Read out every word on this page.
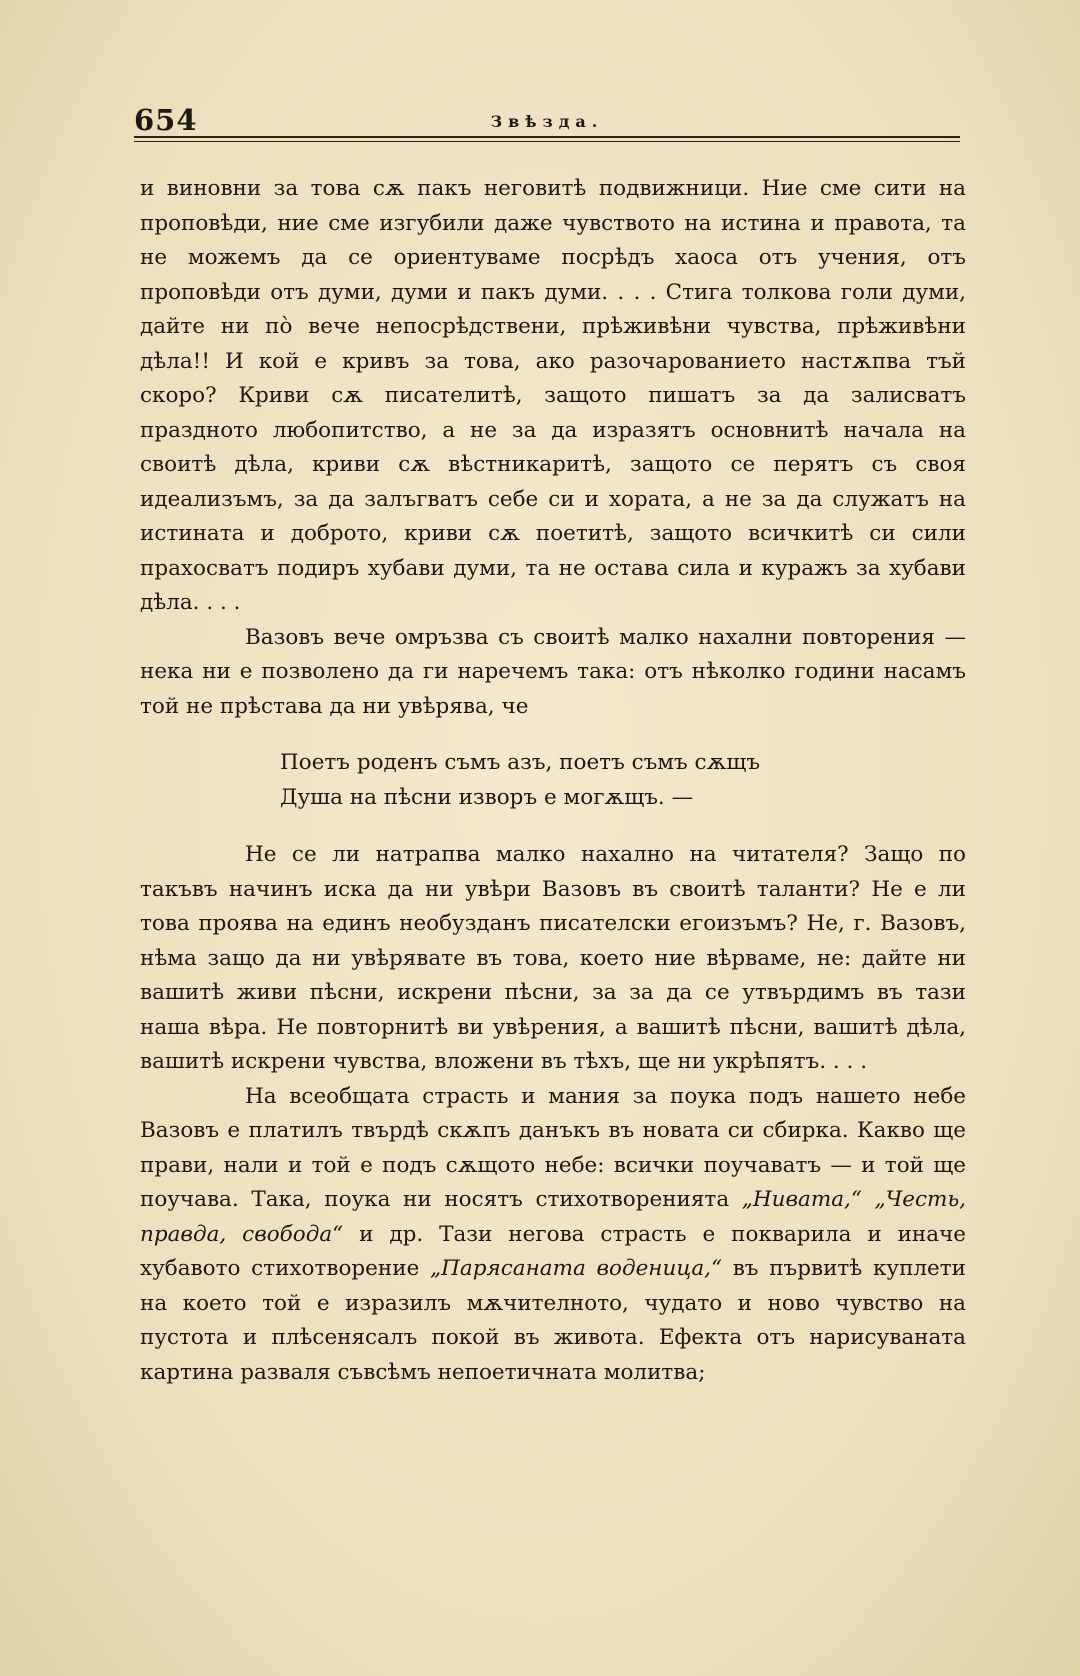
654	Звѣзда.

и виновни за това сѫ пакъ неговитѣ подвижници. Ние сме сити на проповѣди, ние сме изгубили даже чувството на истина и правота, та не можемъ да се ориентуваме посрѣдъ хаоса отъ учения, отъ проповѣди отъ думи, думи и пакъ думи. . . . Стига толкова голи думи, дайте ни пò вече непосрѣдствени, прѣживѣни чувства, прѣживѣни дѣла!! И кой е кривъ за това, ако разочарованието настѫпва тъй скоро? Криви сѫ писателитѣ, защото пишатъ за да залисватъ праздното любопитство, а не за да изразятъ основнитѣ начала на своитѣ дѣла, криви сѫ вѣстникаритѣ, защото се перятъ съ своя идеализъмъ, за да залъгватъ себе си и хората, а не за да служатъ на истината и доброто, криви сѫ поетитѣ, защото всичкитѣ си сили прахосватъ подиръ хубави думи, та не остава сила и куражъ за хубави дѣла. . . .

Вазовъ вече омръзва съ своитѣ малко нахални повторения — нека ни е позволено да ги наречемъ така: отъ нѣколко години насамъ той не прѣстава да ни увѣрява, че

Поетъ роденъ съмъ азъ, поетъ съмъ сѫщъ
Душа на пѣсни изворъ е могѫщъ. —

Не се ли натрапва малко нахално на читателя? Защо по такъвъ начинъ иска да ни увѣри Вазовъ въ своитѣ таланти? Не е ли това проява на единъ необузданъ писателски егоизъмъ? Не, г. Вазовъ, нѣма защо да ни увѣрявате въ това, което ние вѣрваме, не: дайте ни вашитѣ живи пѣсни, искрени пѣсни, за за да се утвърдимъ въ тази наша вѣра. Не повторнитѣ ви увѣрения, а вашитѣ пѣсни, вашитѣ дѣла, вашитѣ искрени чувства, вложени въ тѣхъ, ще ни укрѣпятъ. . . .

На всеобщата страсть и мания за поука подъ нашето небе Вазовъ е платилъ твърдѣ скѫпъ данъкъ въ новата си сбирка. Какво ще прави, нали и той е подъ сѫщото небе: всички поучаватъ — и той ще поучава. Така, поука ни носятъ стихотворенията „Нивата,“ „Честь, правда, свобода“ и др. Тази негова страсть е покварила и иначе хубавото стихотворение „Парясаната воденица,“ въ първитѣ куплети на което той е изразилъ мѫчителното, чудато и ново чувство на пустота и плѣсенясалъ покой въ живота. Ефекта отъ нарисуваната картина разваля съвсѣмъ непоетичната молитва;
